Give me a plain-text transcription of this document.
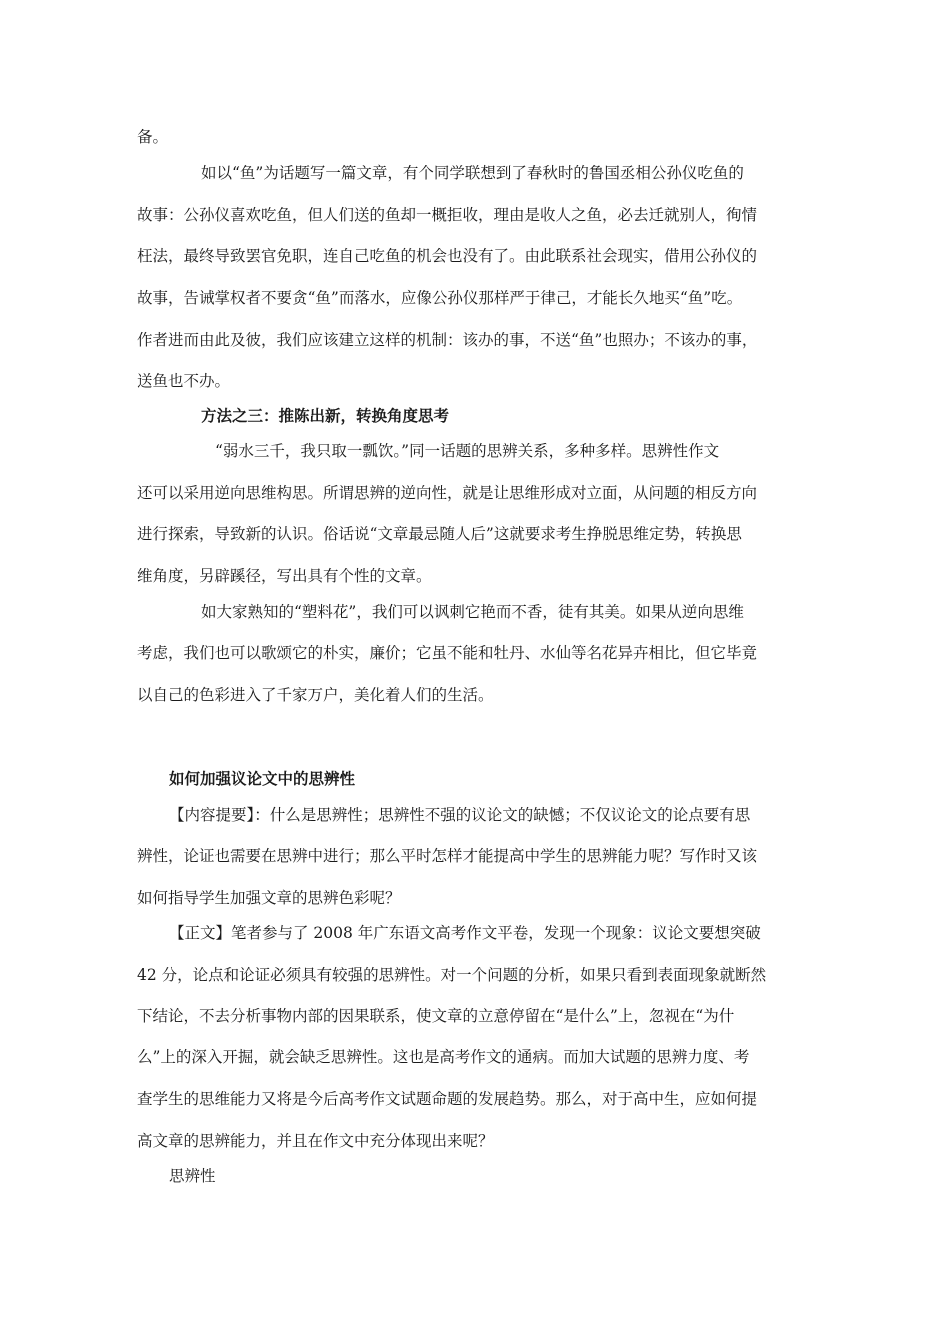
备。
如以“鱼”为话题写一篇文章，有个同学联想到了春秋时的鲁国丞相公孙仪吃鱼的
故事：公孙仪喜欢吃鱼，但人们送的鱼却一概拒收，理由是收人之鱼，必去迁就别人，徇情
枉法，最终导致罢官免职，连自己吃鱼的机会也没有了。由此联系社会现实，借用公孙仪的
故事，告诫掌权者不要贪“鱼”而落水，应像公孙仪那样严于律己，才能长久地买“鱼”吃。
作者进而由此及彼，我们应该建立这样的机制：该办的事，不送“鱼”也照办；不该办的事，
送鱼也不办。
方法之三：推陈出新，转换角度思考
“弱水三千，我只取一瓢饮。”同一话题的思辨关系，多种多样。思辨性作文
还可以采用逆向思维构思。所谓思辨的逆向性，就是让思维形成对立面，从问题的相反方向
进行探索，导致新的认识。俗话说“文章最忌随人后”这就要求考生挣脱思维定势，转换思
维角度，另辟蹊径，写出具有个性的文章。
如大家熟知的“塑料花”，我们可以讽刺它艳而不香，徒有其美。如果从逆向思维
考虑，我们也可以歌颂它的朴实，廉价；它虽不能和牡丹、水仙等名花异卉相比，但它毕竟
以自己的色彩进入了千家万户，美化着人们的生活。
如何加强议论文中的思辨性
【内容提要】：什么是思辨性；思辨性不强的议论文的缺憾；不仅议论文的论点要有思
辨性，论证也需要在思辨中进行；那么平时怎样才能提高中学生的思辨能力呢？写作时又该
如何指导学生加强文章的思辨色彩呢？
【正文】笔者参与了 2008 年广东语文高考作文平卷，发现一个现象：议论文要想突破
42 分，论点和论证必须具有较强的思辨性。对一个问题的分析，如果只看到表面现象就断然
下结论，不去分析事物内部的因果联系，使文章的立意停留在“是什么”上，忽视在“为什
么”上的深入开掘，就会缺乏思辨性。这也是高考作文的通病。而加大试题的思辨力度、考
查学生的思维能力又将是今后高考作文试题命题的发展趋势。那么，对于高中生，应如何提
高文章的思辨能力，并且在作文中充分体现出来呢？
思辨性
